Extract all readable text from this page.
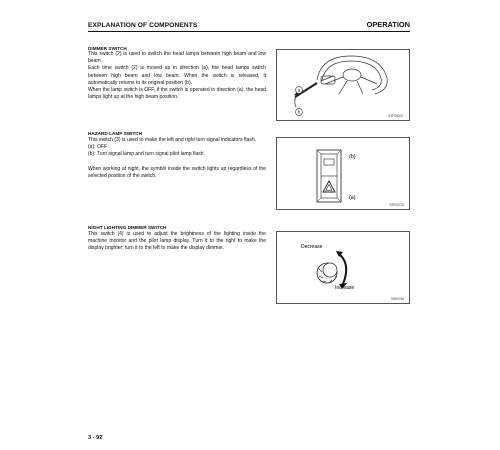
EXPLANATION OF COMPONENTS	OPERATION
DIMMER SWITCH

This switch (2) is used to switch the head lamps between high beam and low beam.

Each time switch (2) is moved up in direction (a), the head lamps switch between high beam and low beam. When the switch is released, it automatically returns to its original position (b).

When the lamp switch is OFF, if the switch is operated in direction (a), the head lamps light up at the high beam position.

a
b
93P00000
HAZARD LAMP SWITCH

This switch (3) is used to make the left and right turn signal indicators flash.

(a): OFF

(b): Turn signal lamp and turn signal pilot lamp flash

When working at night, the symbol inside the switch lights up regardless of the selected position of the switch.

(b)
(a)
93P00725
NIGHT LIGHTING DIMMER SWITCH

This switch (4) is used to adjust the brightness of the lighting inside the machine monitor and the pilot lamp display. Turn it to the right to make the display brighter; turn it to the left to make the display dimmer.	Decrease
Increase
98N0756
3 - 92
